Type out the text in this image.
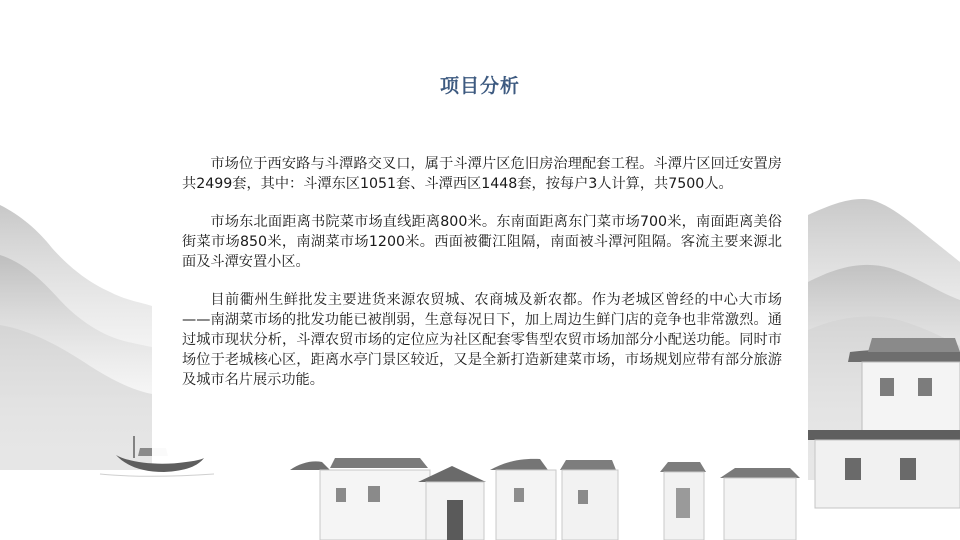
项目分析

市场位于西安路与斗潭路交叉口，属于斗潭片区危旧房治理配套工程。斗潭片区回迁安置房共2499套，其中：斗潭东区1051套、斗潭西区1448套，按每户3人计算，共7500人。

市场东北面距离书院菜市场直线距离800米。东南面距离东门菜市场700米，南面距离美俗街菜市场850米，南湖菜市场1200米。西面被衢江阻隔，南面被斗潭河阻隔。客流主要来源北面及斗潭安置小区。

目前衢州生鲜批发主要进货来源农贸城、农商城及新农都。作为老城区曾经的中心大市场——南湖菜市场的批发功能已被削弱，生意每况日下，加上周边生鲜门店的竞争也非常激烈。通过城市现状分析，斗潭农贸市场的定位应为社区配套零售型农贸市场加部分小配送功能。同时市场位于老城核心区，距离水亭门景区较近，又是全新打造新建菜市场，市场规划应带有部分旅游及城市名片展示功能。
